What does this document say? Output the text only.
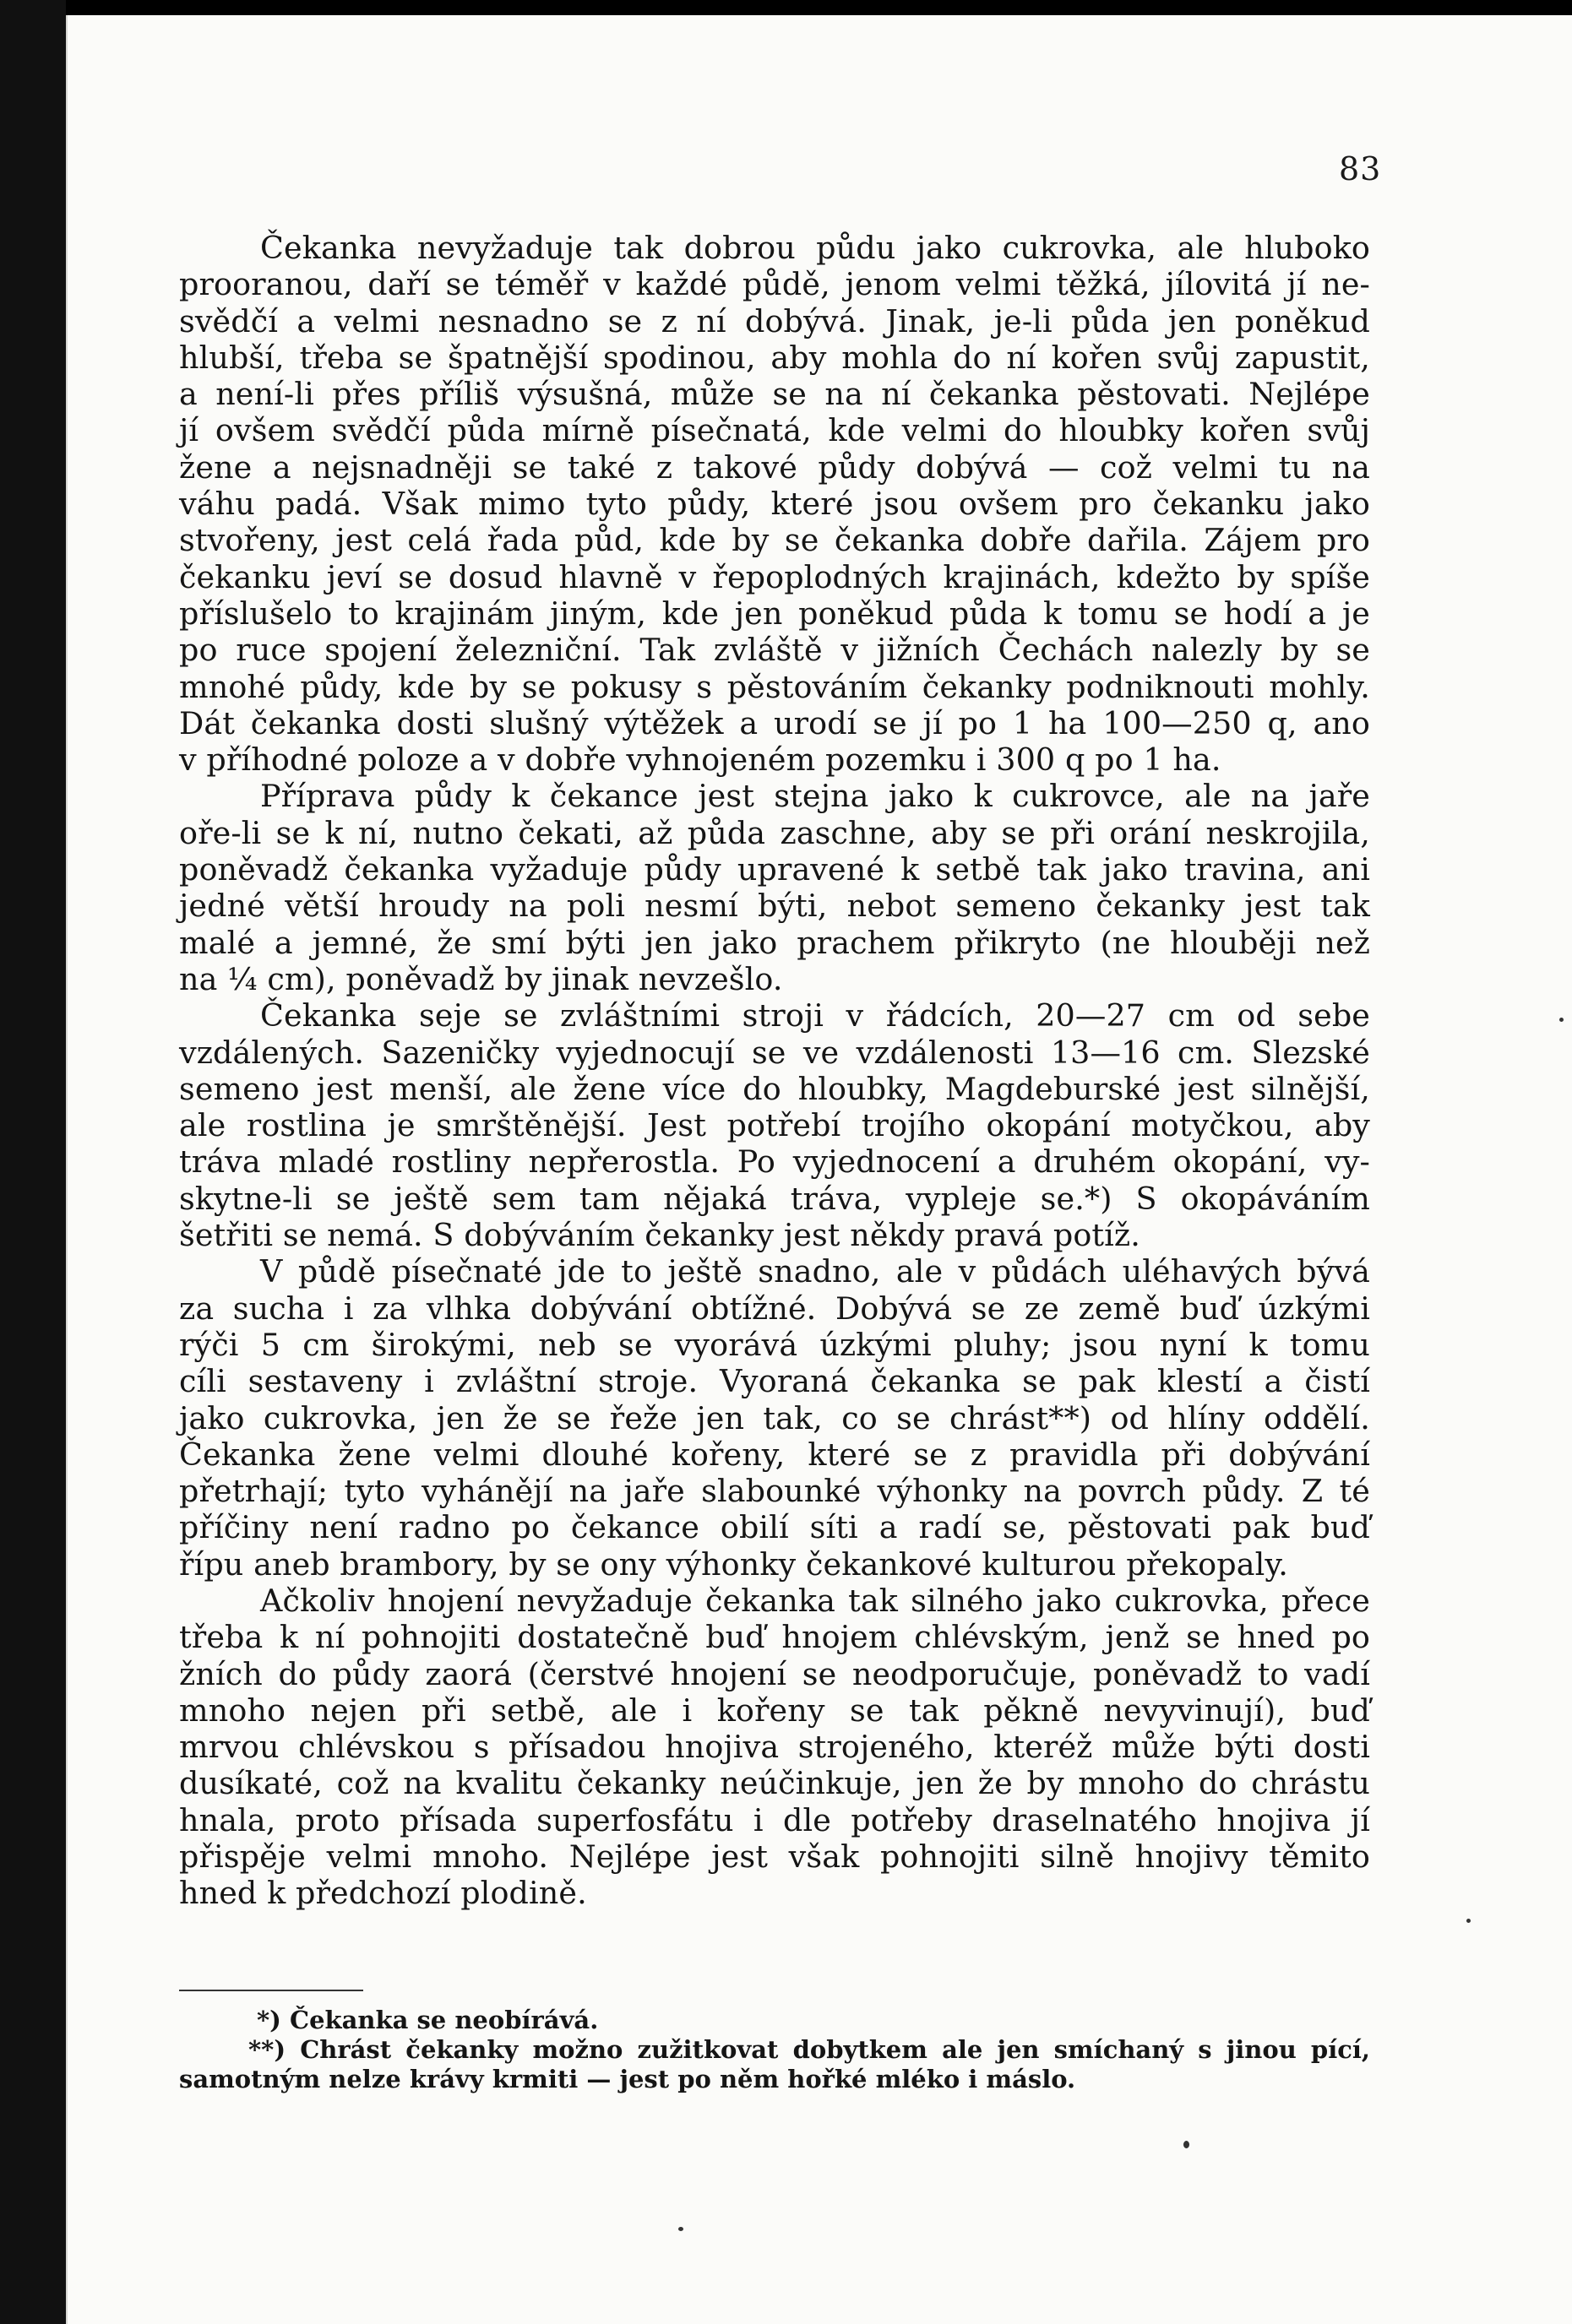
83
Čekanka nevyžaduje tak dobrou půdu jako cukrovka, ale hluboko
prooranou, daří se téměř v každé půdě, jenom velmi těžká, jílovitá jí ne-
svědčí a velmi nesnadno se z ní dobývá. Jinak, je-li půda jen poněkud
hlubší, třeba se špatnější spodinou, aby mohla do ní kořen svůj zapustit,
a není-li přes příliš výsušná, může se na ní čekanka pěstovati. Nejlépe
jí ovšem svědčí půda mírně písečnatá, kde velmi do hloubky kořen svůj
žene a nejsnadněji se také z takové půdy dobývá — což velmi tu na
váhu padá. Však mimo tyto půdy, které jsou ovšem pro čekanku jako
stvořeny, jest celá řada půd, kde by se čekanka dobře dařila. Zájem pro
čekanku jeví se dosud hlavně v řepoplodných krajinách, kdežto by spíše
příslušelo to krajinám jiným, kde jen poněkud půda k tomu se hodí a je
po ruce spojení železniční. Tak zvláště v jižních Čechách nalezly by se
mnohé půdy, kde by se pokusy s pěstováním čekanky podniknouti mohly.
Dát čekanka dosti slušný výtěžek a urodí se jí po 1 ha 100—250 q, ano
v příhodné poloze a v dobře vyhnojeném pozemku i 300 q po 1 ha.
Příprava půdy k čekance jest stejna jako k cukrovce, ale na jaře
oře-li se k ní, nutno čekati, až půda zaschne, aby se při orání neskrojila,
poněvadž čekanka vyžaduje půdy upravené k setbě tak jako travina, ani
jedné větší hroudy na poli nesmí býti, nebot semeno čekanky jest tak
malé a jemné, že smí býti jen jako prachem přikryto (ne hlouběji než
na ¼ cm), poněvadž by jinak nevzešlo.
Čekanka seje se zvláštními stroji v řádcích, 20—27 cm od sebe
vzdálených. Sazeničky vyjednocují se ve vzdálenosti 13—16 cm. Slezské
semeno jest menší, ale žene více do hloubky, Magdeburské jest silnější,
ale rostlina je smrštěnější. Jest potřebí trojího okopání motyčkou, aby
tráva mladé rostliny nepřerostla. Po vyjednocení a druhém okopání, vy-
skytne-li se ještě sem tam nějaká tráva, vypleje se.*) S okopáváním
šetřiti se nemá. S dobýváním čekanky jest někdy pravá potíž.
V půdě písečnaté jde to ještě snadno, ale v půdách uléhavých bývá
za sucha i za vlhka dobývání obtížné. Dobývá se ze země buď úzkými
rýči 5 cm širokými, neb se vyorává úzkými pluhy; jsou nyní k tomu
cíli sestaveny i zvláštní stroje. Vyoraná čekanka se pak klestí a čistí
jako cukrovka, jen že se řeže jen tak, co se chrást**) od hlíny oddělí.
Čekanka žene velmi dlouhé kořeny, které se z pravidla při dobývání
přetrhají; tyto vyhánějí na jaře slabounké výhonky na povrch půdy. Z té
příčiny není radno po čekance obilí síti a radí se, pěstovati pak buď
řípu aneb brambory, by se ony výhonky čekankové kulturou překopaly.
Ačkoliv hnojení nevyžaduje čekanka tak silného jako cukrovka, přece
třeba k ní pohnojiti dostatečně buď hnojem chlévským, jenž se hned po
žních do půdy zaorá (čerstvé hnojení se neodporučuje, poněvadž to vadí
mnoho nejen při setbě, ale i kořeny se tak pěkně nevyvinují), buď
mrvou chlévskou s přísadou hnojiva strojeného, kteréž může býti dosti
dusíkaté, což na kvalitu čekanky neúčinkuje, jen že by mnoho do chrástu
hnala, proto přísada superfosfátu i dle potřeby draselnatého hnojiva jí
přispěje velmi mnoho. Nejlépe jest však pohnojiti silně hnojivy těmito
hned k předchozí plodině.
*) Čekanka se neobírává.
**) Chrást čekanky možno zužitkovat dobytkem ale jen smíchaný s jinou pící,
samotným nelze krávy krmiti — jest po něm hořké mléko i máslo.
